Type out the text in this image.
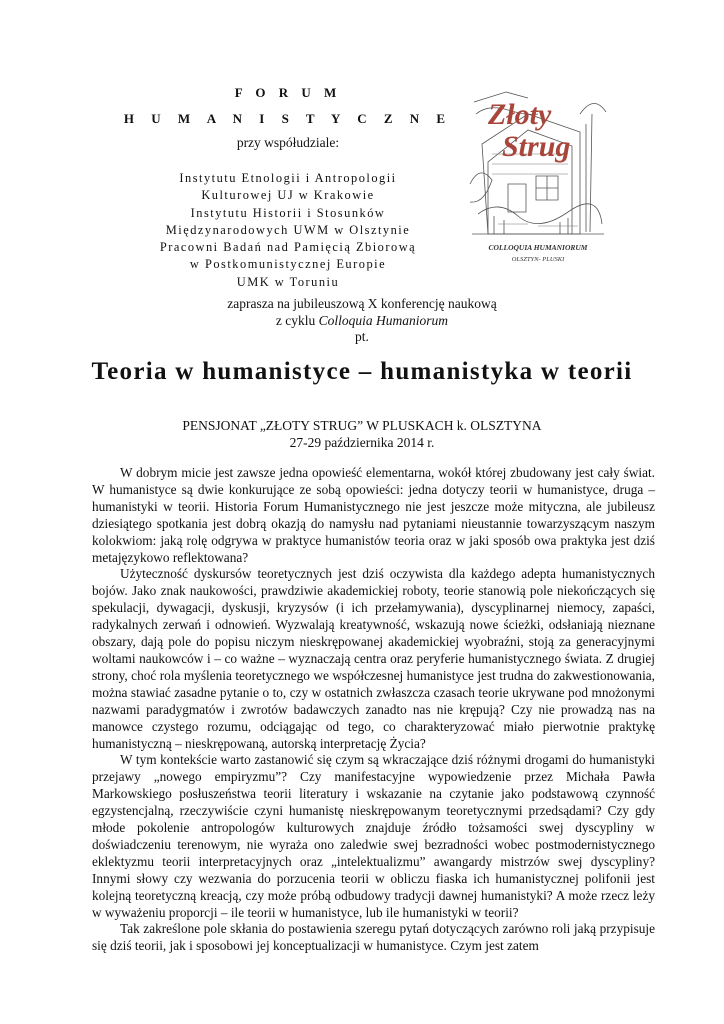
F O R U M

H U M A N I S T Y C Z N E

przy współudziale:

Instytutu Etnologii i Antropologii
Kulturowej UJ w Krakowie
Instytutu Historii i Stosunków
Międzynarodowych UWM w Olsztynie
Pracowni Badań nad Pamięcią Zbiorową
w Postkomunistycznej Europie
UMK w Toruniu
Złoty
Strug
COLLOQUIA HUMANIORUM
OLSZTYN- PLUSKI
zaprasza na jubileuszową X konferencję naukową
z cyklu Colloquia Humaniorum
pt.
Teoria w humanistyce – humanistyka w teorii
PENSJONAT „ZŁOTY STRUG” W PLUSKACH k. OLSZTYNA
27-29 października 2014 r.

W dobrym micie jest zawsze jedna opowieść elementarna, wokół której zbudowany jest cały świat. W humanistyce są dwie konkurujące ze sobą opowieści: jedna dotyczy teorii w humanistyce, druga – humanistyki w teorii. Historia Forum Humanistycznego nie jest jeszcze może mityczna, ale jubileusz dziesiątego spotkania jest dobrą okazją do namysłu nad pytaniami nieustannie towarzyszącym naszym kolokwiom: jaką rolę odgrywa w praktyce humanistów teoria oraz w jaki sposób owa praktyka jest dziś metajęzykowo reflektowana?

Użyteczność dyskursów teoretycznych jest dziś oczywista dla każdego adepta humanistycznych bojów. Jako znak naukowości, prawdziwie akademickiej roboty, teorie stanowią pole niekończących się spekulacji, dywagacji, dyskusji, kryzysów (i ich przełamywania), dyscyplinarnej niemocy, zapaści, radykalnych zerwań i odnowień. Wyzwalają kreatywność, wskazują nowe ścieżki, odsłaniają nieznane obszary, dają pole do popisu niczym nieskrępowanej akademickiej wyobraźni, stoją za generacyjnymi woltami naukowców i – co ważne – wyznaczają centra oraz peryferie humanistycznego świata. Z drugiej strony, choć rola myślenia teoretycznego we współczesnej humanistyce jest trudna do zakwestionowania, można stawiać zasadne pytanie o to, czy w ostatnich zwłaszcza czasach teorie ukrywane pod mnożonymi nazwami paradygmatów i zwrotów badawczych zanadto nas nie krępują? Czy nie prowadzą nas na manowce czystego rozumu, odciągając od tego, co charakteryzować miało pierwotnie praktykę humanistyczną – nieskrępowaną, autorską interpretację Życia?

W tym kontekście warto zastanowić się czym są wkraczające dziś różnymi drogami do humanistyki przejawy „nowego empiryzmu”? Czy manifestacyjne wypowiedzenie przez Michała Pawła Markowskiego posłuszeństwa teorii literatury i wskazanie na czytanie jako podstawową czynność egzystencjalną, rzeczywiście czyni humanistę nieskrępowanym teoretycznymi przedsądami? Czy gdy młode pokolenie antropologów kulturowych znajduje źródło tożsamości swej dyscypliny w doświadczeniu terenowym, nie wyraża ono zaledwie swej bezradności wobec postmodernistycznego eklektyzmu teorii interpretacyjnych oraz „intelektualizmu” awangardy mistrzów swej dyscypliny? Innymi słowy czy wezwania do porzucenia teorii w obliczu fiaska ich humanistycznej polifonii jest kolejną teoretyczną kreacją, czy może próbą odbudowy tradycji dawnej humanistyki? A może rzecz leży w wyważeniu proporcji – ile teorii w humanistyce, lub ile humanistyki w teorii?

Tak zakreślone pole skłania do postawienia szeregu pytań dotyczących zarówno roli jaką przypisuje się dziś teorii, jak i sposobowi jej konceptualizacji w humanistyce. Czym jest zatem
